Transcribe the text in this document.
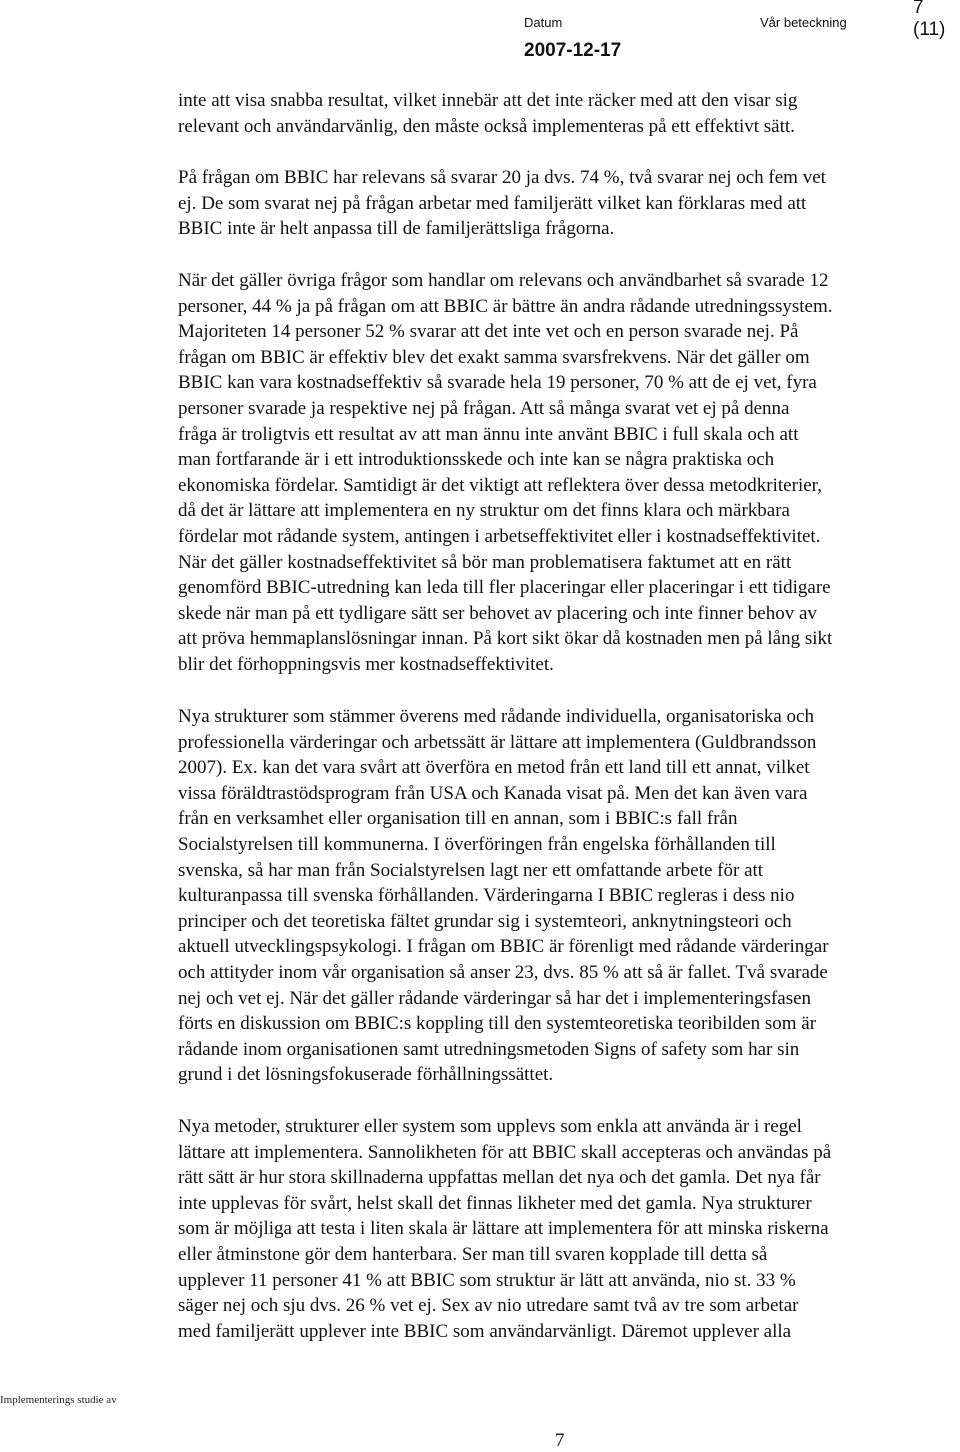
Datum	Vår beteckning
2007-12-17
7 (11)

inte att visa snabba resultat, vilket innebär att det inte räcker med att den visar sig
relevant och användarvänlig, den måste också implementeras på ett effektivt sätt.

På frågan om BBIC har relevans så svarar 20 ja dvs. 74 %, två svarar nej och fem vet
ej. De som svarat nej på frågan arbetar med familjerätt vilket kan förklaras med att
BBIC inte är helt anpassa till de familjerättsliga frågorna.

När det gäller övriga frågor som handlar om relevans och användbarhet så svarade 12
personer, 44 % ja på frågan om att BBIC är bättre än andra rådande utredningssystem.
Majoriteten 14 personer 52 % svarar att det inte vet och en person svarade nej. På
frågan om BBIC är effektiv blev det exakt samma svarsfrekvens. När det gäller om
BBIC kan vara kostnadseffektiv så svarade hela 19 personer, 70 % att de ej vet, fyra
personer svarade ja respektive nej på frågan. Att så många svarat vet ej på denna
fråga är troligtvis ett resultat av att man ännu inte använt BBIC i full skala och att
man fortfarande är i ett introduktionsskede och inte kan se några praktiska och
ekonomiska fördelar. Samtidigt är det viktigt att reflektera över dessa metodkriterier,
då det är lättare att implementera en ny struktur om det finns klara och märkbara
fördelar mot rådande system, antingen i arbetseffektivitet eller i kostnadseffektivitet.
När det gäller kostnadseffektivitet så bör man problematisera faktumet att en rätt
genomförd BBIC-utredning kan leda till fler placeringar eller placeringar i ett tidigare
skede när man på ett tydligare sätt ser behovet av placering och inte finner behov av
att pröva hemmaplanslösningar innan. På kort sikt ökar då kostnaden men på lång sikt
blir det förhoppningsvis mer kostnadseffektivitet.

Nya strukturer som stämmer överens med rådande individuella, organisatoriska och
professionella värderingar och arbetssätt är lättare att implementera (Guldbrandsson
2007). Ex. kan det vara svårt att överföra en metod från ett land till ett annat, vilket
vissa föräldtrastödsprogram från USA och Kanada visat på. Men det kan även vara
från en verksamhet eller organisation till en annan, som i BBIC:s fall från
Socialstyrelsen till kommunerna. I överföringen från engelska förhållanden till
svenska, så har man från Socialstyrelsen lagt ner ett omfattande arbete för att
kulturanpassa till svenska förhållanden. Värderingarna I BBIC regleras i dess nio
principer och det teoretiska fältet grundar sig i systemteori, anknytningsteori och
aktuell utvecklingspsykologi. I frågan om BBIC är förenligt med rådande värderingar
och attityder inom vår organisation så anser 23, dvs. 85 % att så är fallet. Två svarade
nej och vet ej. När det gäller rådande värderingar så har det i implementeringsfasen
förts en diskussion om BBIC:s koppling till den systemteoretiska teoribilden som är
rådande inom organisationen samt utredningsmetoden Signs of safety som har sin
grund i det lösningsfokuserade förhållningssättet.

Nya metoder, strukturer eller system som upplevs som enkla att använda är i regel
lättare att implementera. Sannolikheten för att BBIC skall accepteras och användas på
rätt sätt är hur stora skillnaderna uppfattas mellan det nya och det gamla. Det nya får
inte upplevas för svårt, helst skall det finnas likheter med det gamla. Nya strukturer
som är möjliga att testa i liten skala är lättare att implementera för att minska riskerna
eller åtminstone gör dem hanterbara. Ser man till svaren kopplade till detta så
upplever 11 personer 41 % att BBIC som struktur är lätt att använda, nio st. 33 %
säger nej och sju dvs. 26 % vet ej. Sex av nio utredare samt två av tre som arbetar
med familjerätt upplever inte BBIC som användarvänligt. Däremot upplever alla

Implementerings studie av
7
